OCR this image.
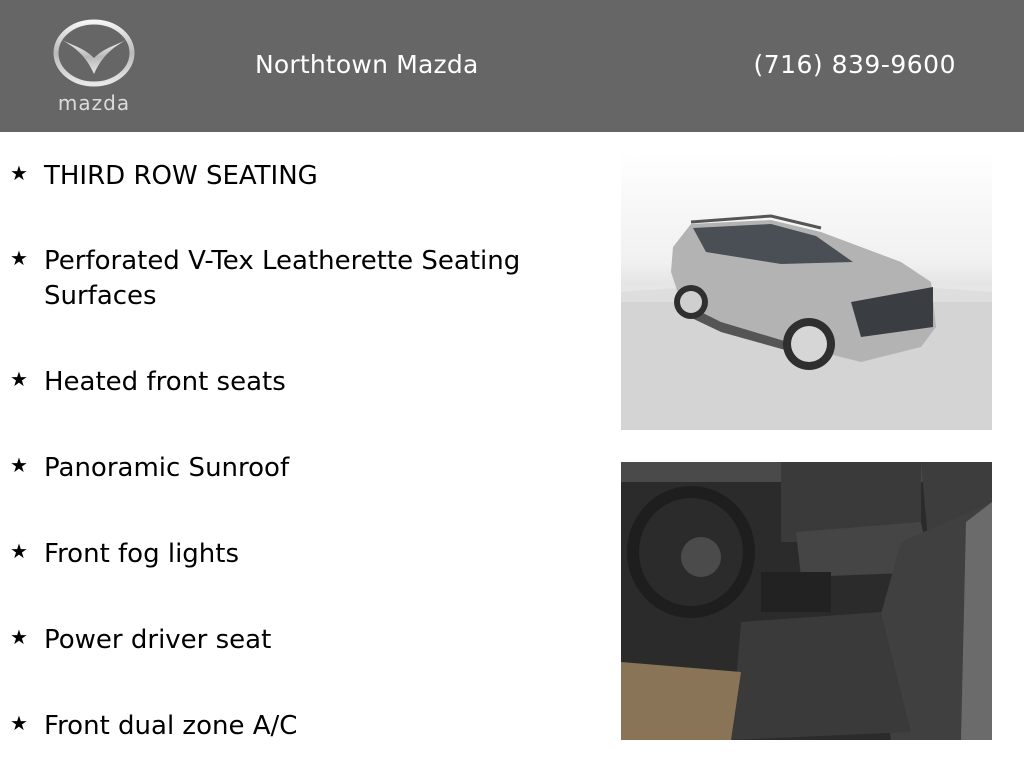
mazda
Northtown Mazda	(716) 839-9600
★ THIRD ROW SEATING
★ Perforated V-Tex Leatherette Seating Surfaces
★ Heated front seats
★ Panoramic Sunroof
★ Front fog lights
★ Power driver seat
★ Front dual zone A/C
